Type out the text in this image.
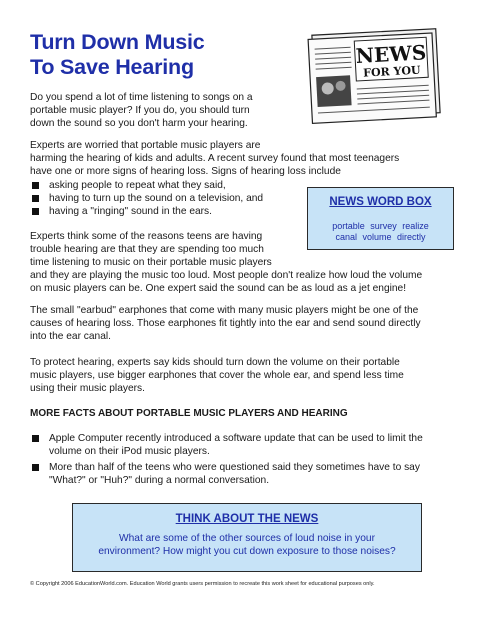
Turn Down Music
To Save Hearing	NEWS
FOR YOU
Do you spend a lot of time listening to songs on a
portable music player? If you do, you should turn
down the sound so you don't harm your hearing.
Experts are worried that portable music players are
harming the hearing of kids and adults. A recent survey found that most teenagers
have one or more signs of hearing loss. Signs of hearing loss include
asking people to repeat what they said,
having to turn up the sound on a television, and
having a "ringing" sound in the ears.
NEWS WORD BOX
portable survey realize
canal volume directly
Experts think some of the reasons teens are having
trouble hearing are that they are spending too much
time listening to music on their portable music players
and they are playing the music too loud. Most people don't realize how loud the volume
on music players can be. One expert said the sound can be as loud as a jet engine!
The small "earbud" earphones that come with many music players might be one of the
causes of hearing loss. Those earphones fit tightly into the ear and send sound directly
into the ear canal.
To protect hearing, experts say kids should turn down the volume on their portable
music players, use bigger earphones that cover the whole ear, and spend less time
using their music players.
MORE FACTS ABOUT PORTABLE MUSIC PLAYERS AND HEARING
Apple Computer recently introduced a software update that can be used to limit the
volume on their iPod music players.
More than half of the teens who were questioned said they sometimes have to say
"What?" or "Huh?" during a normal conversation.
THINK ABOUT THE NEWS
What are some of the other sources of loud noise in your
environment? How might you cut down exposure to those noises?
© Copyright 2006 EducationWorld.com. Education World grants users permission to recreate this work sheet for educational purposes only.
